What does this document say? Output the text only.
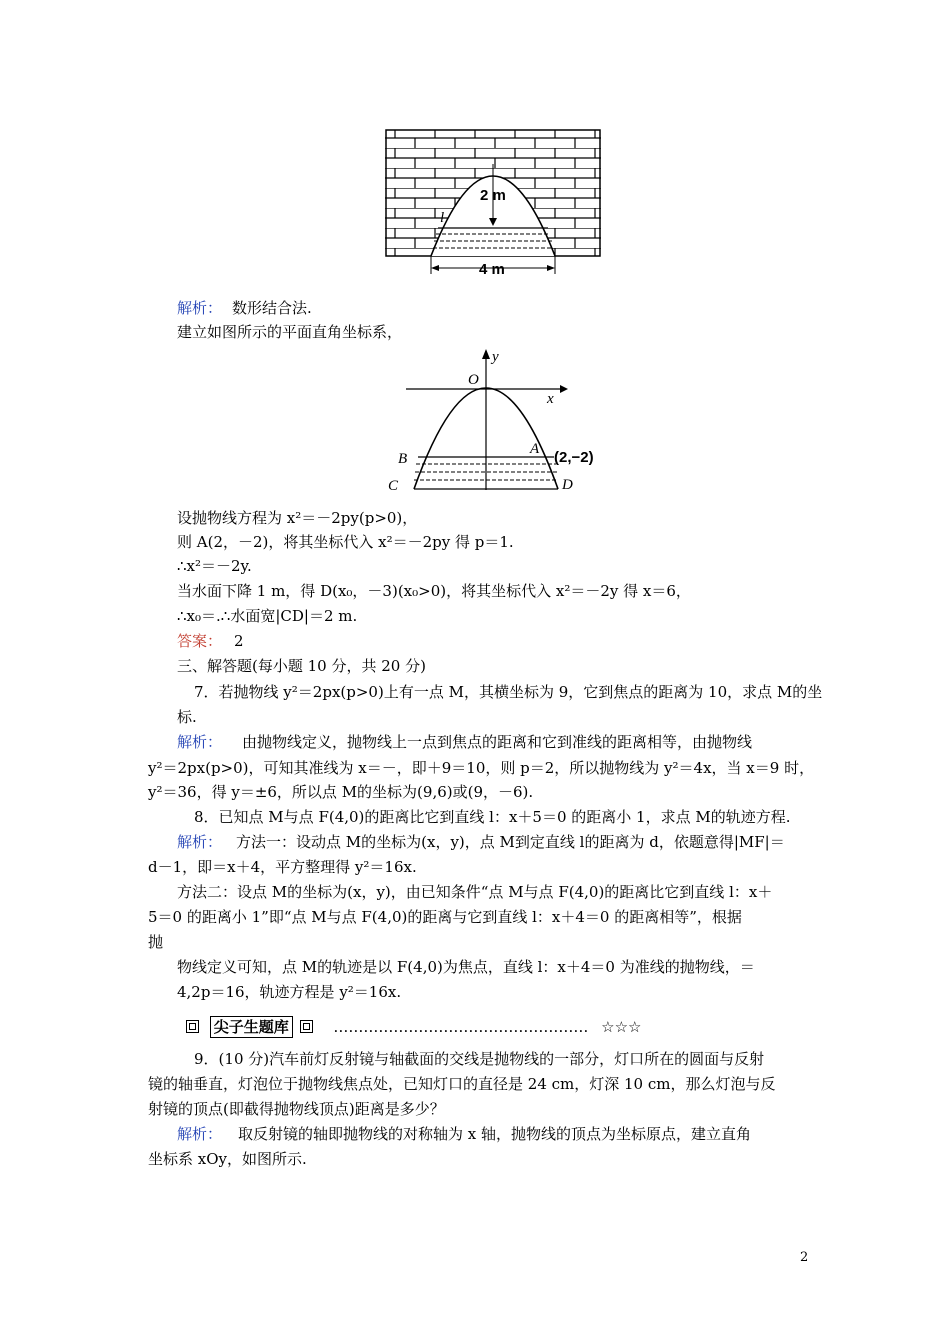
2 m
4 m
l
解析： 数形结合法.
建立如图所示的平面直角坐标系，
y
x
O
A
B
C	D
(2,−2)
设抛物线方程为 x²＝－2py(p>0)，
则 A(2，－2)，将其坐标代入 x²＝－2py 得 p＝1.
∴x²＝－2y.
当水面下降 1 m，得 D(x₀，－3)(x₀>0)，将其坐标代入 x²＝－2y 得 x＝6，
∴x₀＝.∴水面宽|CD|＝2 m.
答案： 2
三、解答题(每小题 10 分，共 20 分)
7．若抛物线 y²＝2px(p>0)上有一点 M，其横坐标为 9，它到焦点的距离为 10，求点 M的坐
标.
解析： 由抛物线定义，抛物线上一点到焦点的距离和它到准线的距离相等，由抛物线
y²＝2px(p>0)，可知其准线为 x＝－，即＋9＝10，则 p＝2，所以抛物线为 y²＝4x，当 x＝9 时，
y²＝36，得 y＝±6，所以点 M的坐标为(9,6)或(9，－6).
8．已知点 M与点 F(4,0)的距离比它到直线 l：x＋5＝0 的距离小 1，求点 M的轨迹方程.
解析： 方法一：设动点 M的坐标为(x，y)，点 M到定直线 l的距离为 d，依题意得|MF|＝
d－1，即＝x＋4，平方整理得 y²＝16x.
方法二：设点 M的坐标为(x，y)，由已知条件“点 M与点 F(4,0)的距离比它到直线 l：x＋
5＝0 的距离小 1”即“点 M与点 F(4,0)的距离与它到直线 l：x＋4＝0 的距离相等”，根据
抛
物线定义可知，点 M的轨迹是以 F(4,0)为焦点，直线 l：x＋4＝0 为准线的抛物线，＝
4,2p＝16，轨迹方程是 y²＝16x.
尖子生题库	…………………………………………… ☆☆☆
9．(10 分)汽车前灯反射镜与轴截面的交线是抛物线的一部分，灯口所在的圆面与反射
镜的轴垂直，灯泡位于抛物线焦点处，已知灯口的直径是 24 cm，灯深 10 cm，那么灯泡与反
射镜的顶点(即截得抛物线顶点)距离是多少？
解析： 取反射镜的轴即抛物线的对称轴为 x 轴，抛物线的顶点为坐标原点，建立直角
坐标系 xOy，如图所示.
2
